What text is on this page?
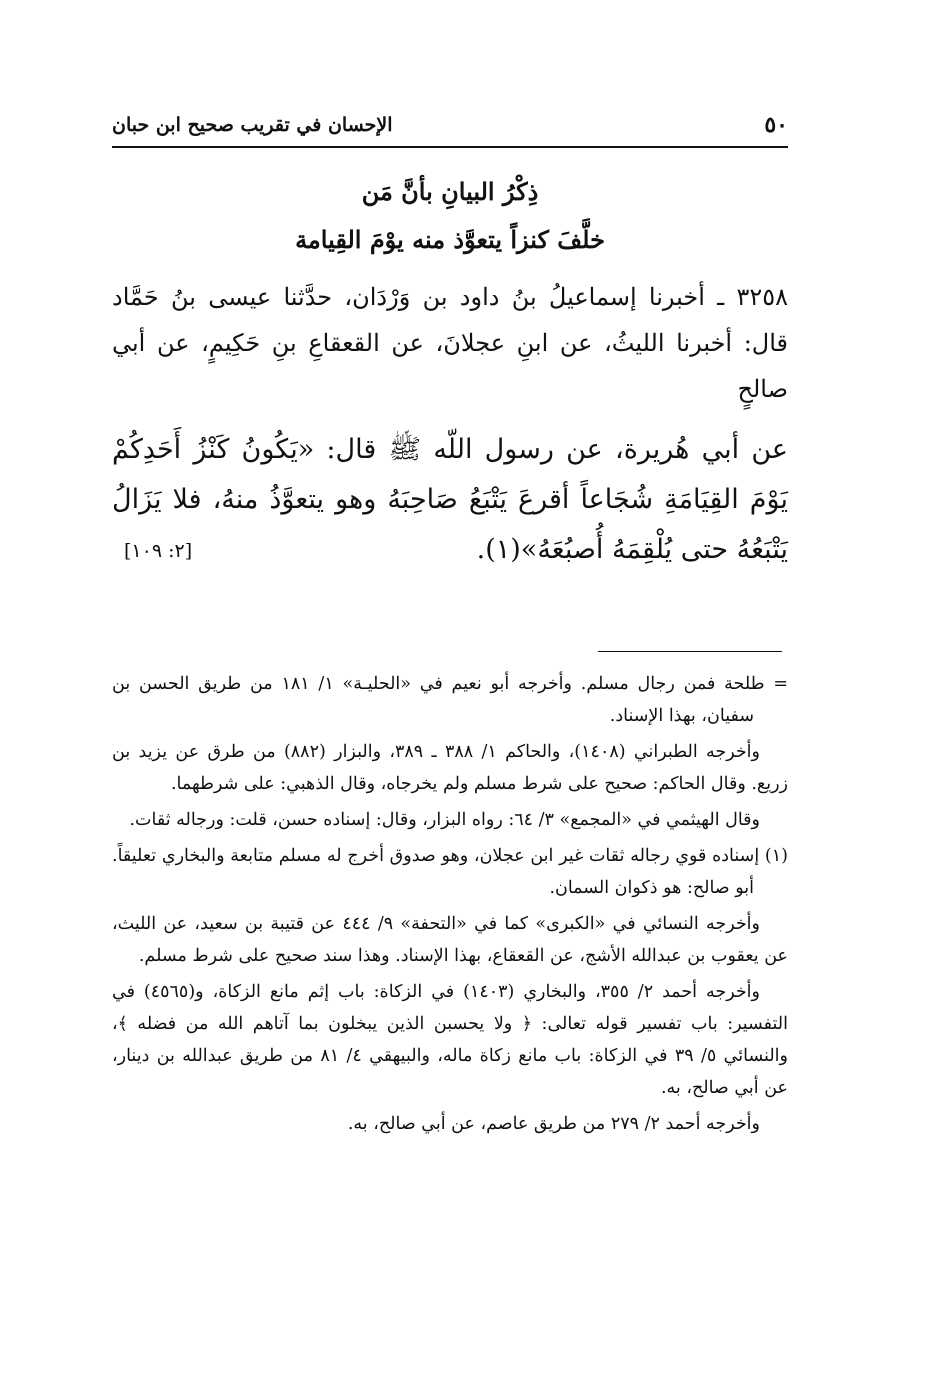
٥٠
الإحسان في تقريب صحيح ابن حبان
ذِكْرُ البيانِ بأنَّ مَن
خلَّفَ كنزاً يتعوَّذ منه يوْمَ القِيامة

٣٢٥٨ ـ أخبرنا إسماعيلُ بنُ داود بن وَرْدَان، حدَّثنا عيسى بنُ حَمَّاد قال: أخبرنا الليثُ، عن ابنِ عجلانَ، عن القعقاعِ بنِ حَكِيمٍ، عن أبي صالحٍ

عن أبي هُريرة، عن رسول اللّه ﷺ قال: «يَكُونُ كَنْزُ أَحَدِكُمْ يَوْمَ القِيَامَةِ شُجَاعاً أقرعَ يَتْبَعُ صَاحِبَهُ وهو يتعوَّذُ منهُ، فلا يَزَالُ يَتْبَعُهُ حتى يُلْقِمَهُ أُصبُعَهُ»(١).

[٢: ١٠٩]

= طلحة فمن رجال مسلم. وأخرجه أبو نعيم في «الحليـة» ١/ ١٨١ من طريق الحسن بن سفيان، بهذا الإسناد.

وأخرجه الطبراني (١٤٠٨)، والحاكم ١/ ٣٨٨ ـ ٣٨٩، والبزار (٨٨٢) من طرق عن يزيد بن زريع. وقال الحاكم: صحيح على شرط مسلم ولم يخرجاه، وقال الذهبي: على شرطهما.

وقال الهيثمي في «المجمع» ٣/ ٦٤: رواه البزار، وقال: إسناده حسن، قلت: ورجاله ثقات.

(١) إسناده قوي رجاله ثقات غير ابن عجلان، وهو صدوق أخرج له مسلم متابعة والبخاري تعليقاً. أبو صالح: هو ذكوان السمان.

وأخرجه النسائي في «الكبرى» كما في «التحفة» ٩/ ٤٤٤ عن قتيبة بن سعيد، عن الليث، عن يعقوب بن عبدالله الأشج، عن القعقاع، بهذا الإسناد. وهذا سند صحيح على شرط مسلم.

وأخرجه أحمد ٢/ ٣٥٥، والبخاري (١٤٠٣) في الزكاة: باب إثم مانع الزكاة، و(٤٥٦٥) في التفسير: باب تفسير قوله تعالى: ﴿ ولا يحسبن الذين يبخلون بما آتاهم الله من فضله ﴾، والنسائي ٥/ ٣٩ في الزكاة: باب مانع زكاة ماله، والبيهقي ٤/ ٨١ من طريق عبدالله بن دينار، عن أبي صالح، به.

وأخرجه أحمد ٢/ ٢٧٩ من طريق عاصم، عن أبي صالح، به.
